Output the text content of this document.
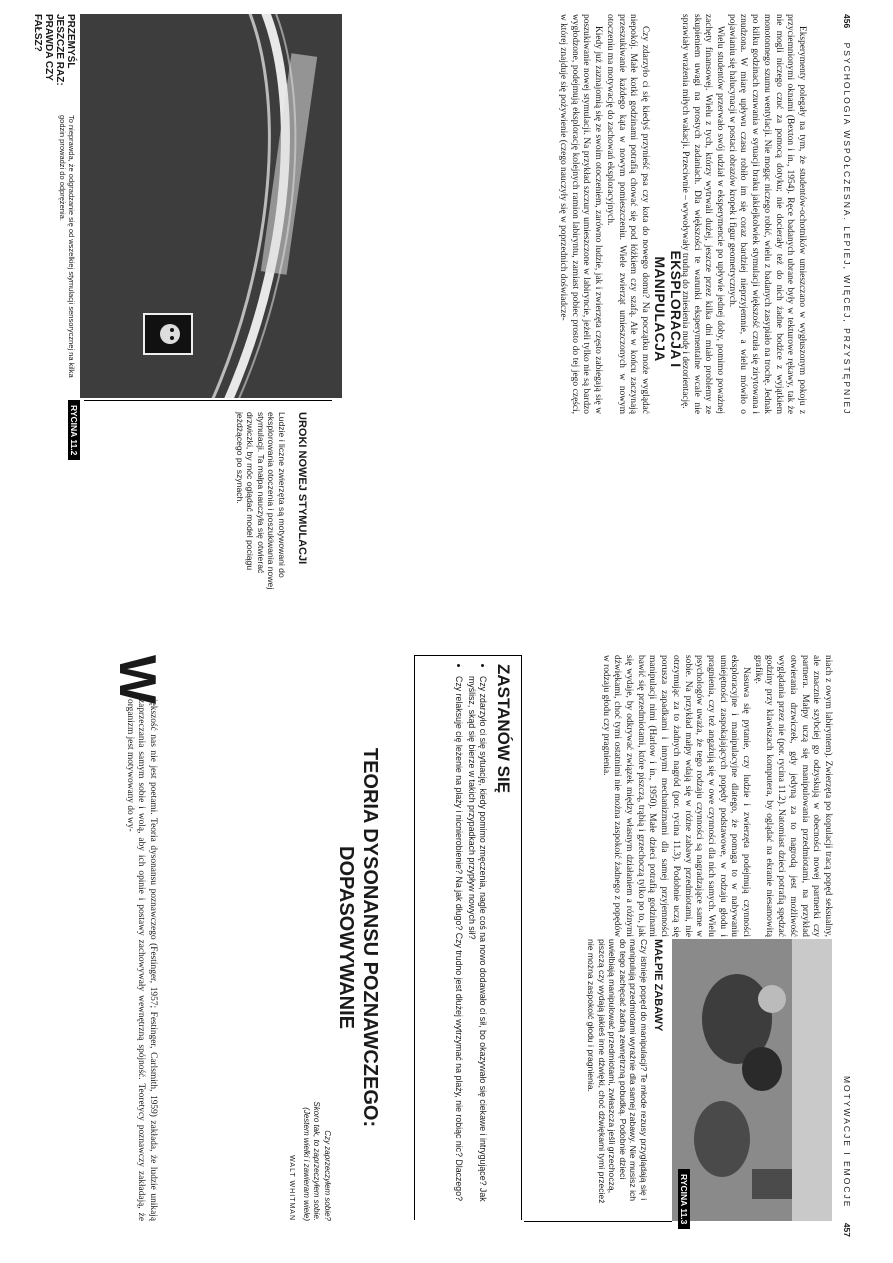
456 PSYCHOLOGIA WSPÓŁCZESNA. LEPIEJ, WIĘCEJ, PRZYSTĘPNIEJ

Eksperymenty polegały na tym, że studentów-ochotników umieszczano w wygłuszonym pokoju z przyciemnionymi oknami (Bexton i in., 1954). Ręce badanych ubrane były w tekturowe rękawy, tak że nie mogli niczego czuć za pomocą dotyku; nie docierały też do nich żadne bodźce z wyjątkiem monotonnego szumu wentylacji. Nie mogąc niczego robić, wielu z badanych zasypiało na trochę. Jednak po kilku godzinach czuwania w sytuacji braku jakiejkolwiek stymulacji większość czuła się zirytowana i znudzona. W miarę upływu czasu robiło im się coraz bardziej nieprzyjemnie, a wielu mówiło o pojawianiu się halucynacji w postaci obrazów kropek i figur geometrycznych.

Wielu studentów przerwało swój udział w eksperymencie po upływie jednej doby, pomimo poważnej zachęty finansowej. Wielu z tych, którzy wytrwali dużej, jeszcze przez kilka dni miało problemy ze skupieniem uwagi na prostych zadaniach. Dla większości te warunki eksperymentalne wcale nie sprawiały wrażenia miłych wakacji. Przeciwnie – wywoływały trudną do zniesienia nudę i dezorientację.

EKSPLORACJA I MANIPULACJA

Czy zdarzyło ci się kiedyś przynieść psa czy kota do nowego domu? Na początku może wyglądać niepokój. Małe kotki godzinami potrafią chować się pod łóżkiem czy szafą. Ale w końcu zaczynają przeszukiwanie każdego kąta w nowym pomieszczeniu. Wiele zwierząt umieszczonych w nowym otoczeniu ma motywację do zachowań eksploracyjnych.

Kiedy już zaznajomią się ze swoim otoczeniem, zarówno ludzie, jak i zwierzęta często zabiegają się w poszukiwanie nowej stymulacji. Na przykład szczury umieszczone w labiryncie, jeżeli tylko nie są bardzo wygłodzone, podejmują eksplorację kolejnych ramion labiryntu, zamiast pobiec prosto do tej jego części, w której znajduje się pożywienie (czego nauczyły się w poprzednich doświadcze-

UROKI NOWEJ STYMULACJI
Ludzie i liczne zwierzęta są motywowani do eksplorowania otoczenia i poszukiwania nowej stymulacji. Ta małpa nauczyła się otwierać drzwiczki, by móc oglądać model pociągu jeżdżącego po szynach.
RYCINA 11.2
PRZEMYŚL JESZCZE RAZ: PRAWDA CZY FAŁSZ?To nieprawda, że odgradzanie się od wszelkiej stymulacji sensorycznej na kilka godzin prowadzi do odprężenia.
MOTYWACJE I EMOCJE 457

niach z owym labiryntem). Zwierzęta po kopulacji tracą popęd seksualny, ale znacznie szybciej go odzyskują w obecności nowej partnerki czy partnera. Małpy uczą się manipulowania przedmiotami, na przykład otwierania drzwiczek, gdy jedyną za to nagrodą jest możliwość wyglądania przez nie (por. rycina 11.2). Natomiast dzieci potrafią spędzać godziny przy klawiszach komputera, by oglądać na ekranie niesamowitą grafikę.

Nasuwa się pytanie, czy ludzie i zwierzęta podejmują czynności eksploracyjne i manipulacyjne dlatego, że pomaga to w nabywaniu umiejętności zaspokajających popędy podstawowe, w rodzaju głodu i pragnienia, czy też angażują się w owe czynności dla nich samych. Wielu psychologów uważa, że tego rodzaju czynności są nagradzające same w sobie. Na przykład małpy wdają się w różne zabawy przedmiotami, nie otrzymując za to żadnych nagród (por. rycina 11.3). Podobnie uczą się porusza zapadkami i innymi mechanizmami dla samej przyjemności manipulacji nimi (Harlow i in., 1950). Małe dzieci potrafią godzinami bawić się przedmiotami, które piszczą, trąbią i grzechoczą tylko po to, jak się wydaje, by odkrywać związek między własnym działaniem a różnymi dźwiękami, choć tymi ostatnimi nie można zaspokoić żadnego z popędów w rodzaju głodu czy pragnienia.

RYCINA 11.3
MAŁPIE ZABAWY
Czy istnieje popęd do manipulacji? Te młode rezusy przyglądają się i manipulują przedmiotami wyraźnie dla samej zabawy. Nie musisz ich do tego zachęcać żadną zewnętrzną pobudką. Podobnie dzieci uwielbiają manipulować przedmiotami, zwłaszcza jeśli grzechoczą, piszczą czy wydają jakieś inne dźwięki, choć dźwiękami tymi przecież nie można zaspokoić głodu i pragnienia.
ZASTANÓW SIĘ
• Czy zdarzyło ci się sytuację, kiedy pomimo zmęczenia, nagle coś na nowo dodawało ci sił, bo okazywało się ciekawe i intrygujące? Jak myślisz, skąd się bierze w takich przypadkach przypływ nowych sił?
• Czy relaksuje cię leżenie na plaży i nicnierobienie? Na jak długo? Czy trudno jest dłużej wytrzymać na plaży, nie robiąc nic? Dlaczego?
TEORIA DYSONANSU POZNAWCZEGO: DOPASOWYWANIE
Czy zaprzeczyłem sobie?
Skoro tak, to zaprzeczyłem sobie.
(Jestem wielki i zawieram wiele)
WALT WHITMAN
W

iększość nas nie jest poetami. Teoria dysonansu poznawczego (Festinger, 1957; Festinger, Carlsmith, 1959) zakłada, że ludzie unikają zaprzeczania samym sobie i wolą, aby ich opinie i postawy zachowywały wewnętrzną spójność. Teoretycy poznawczy zakładają, że organizm jest motywowany do wy-
